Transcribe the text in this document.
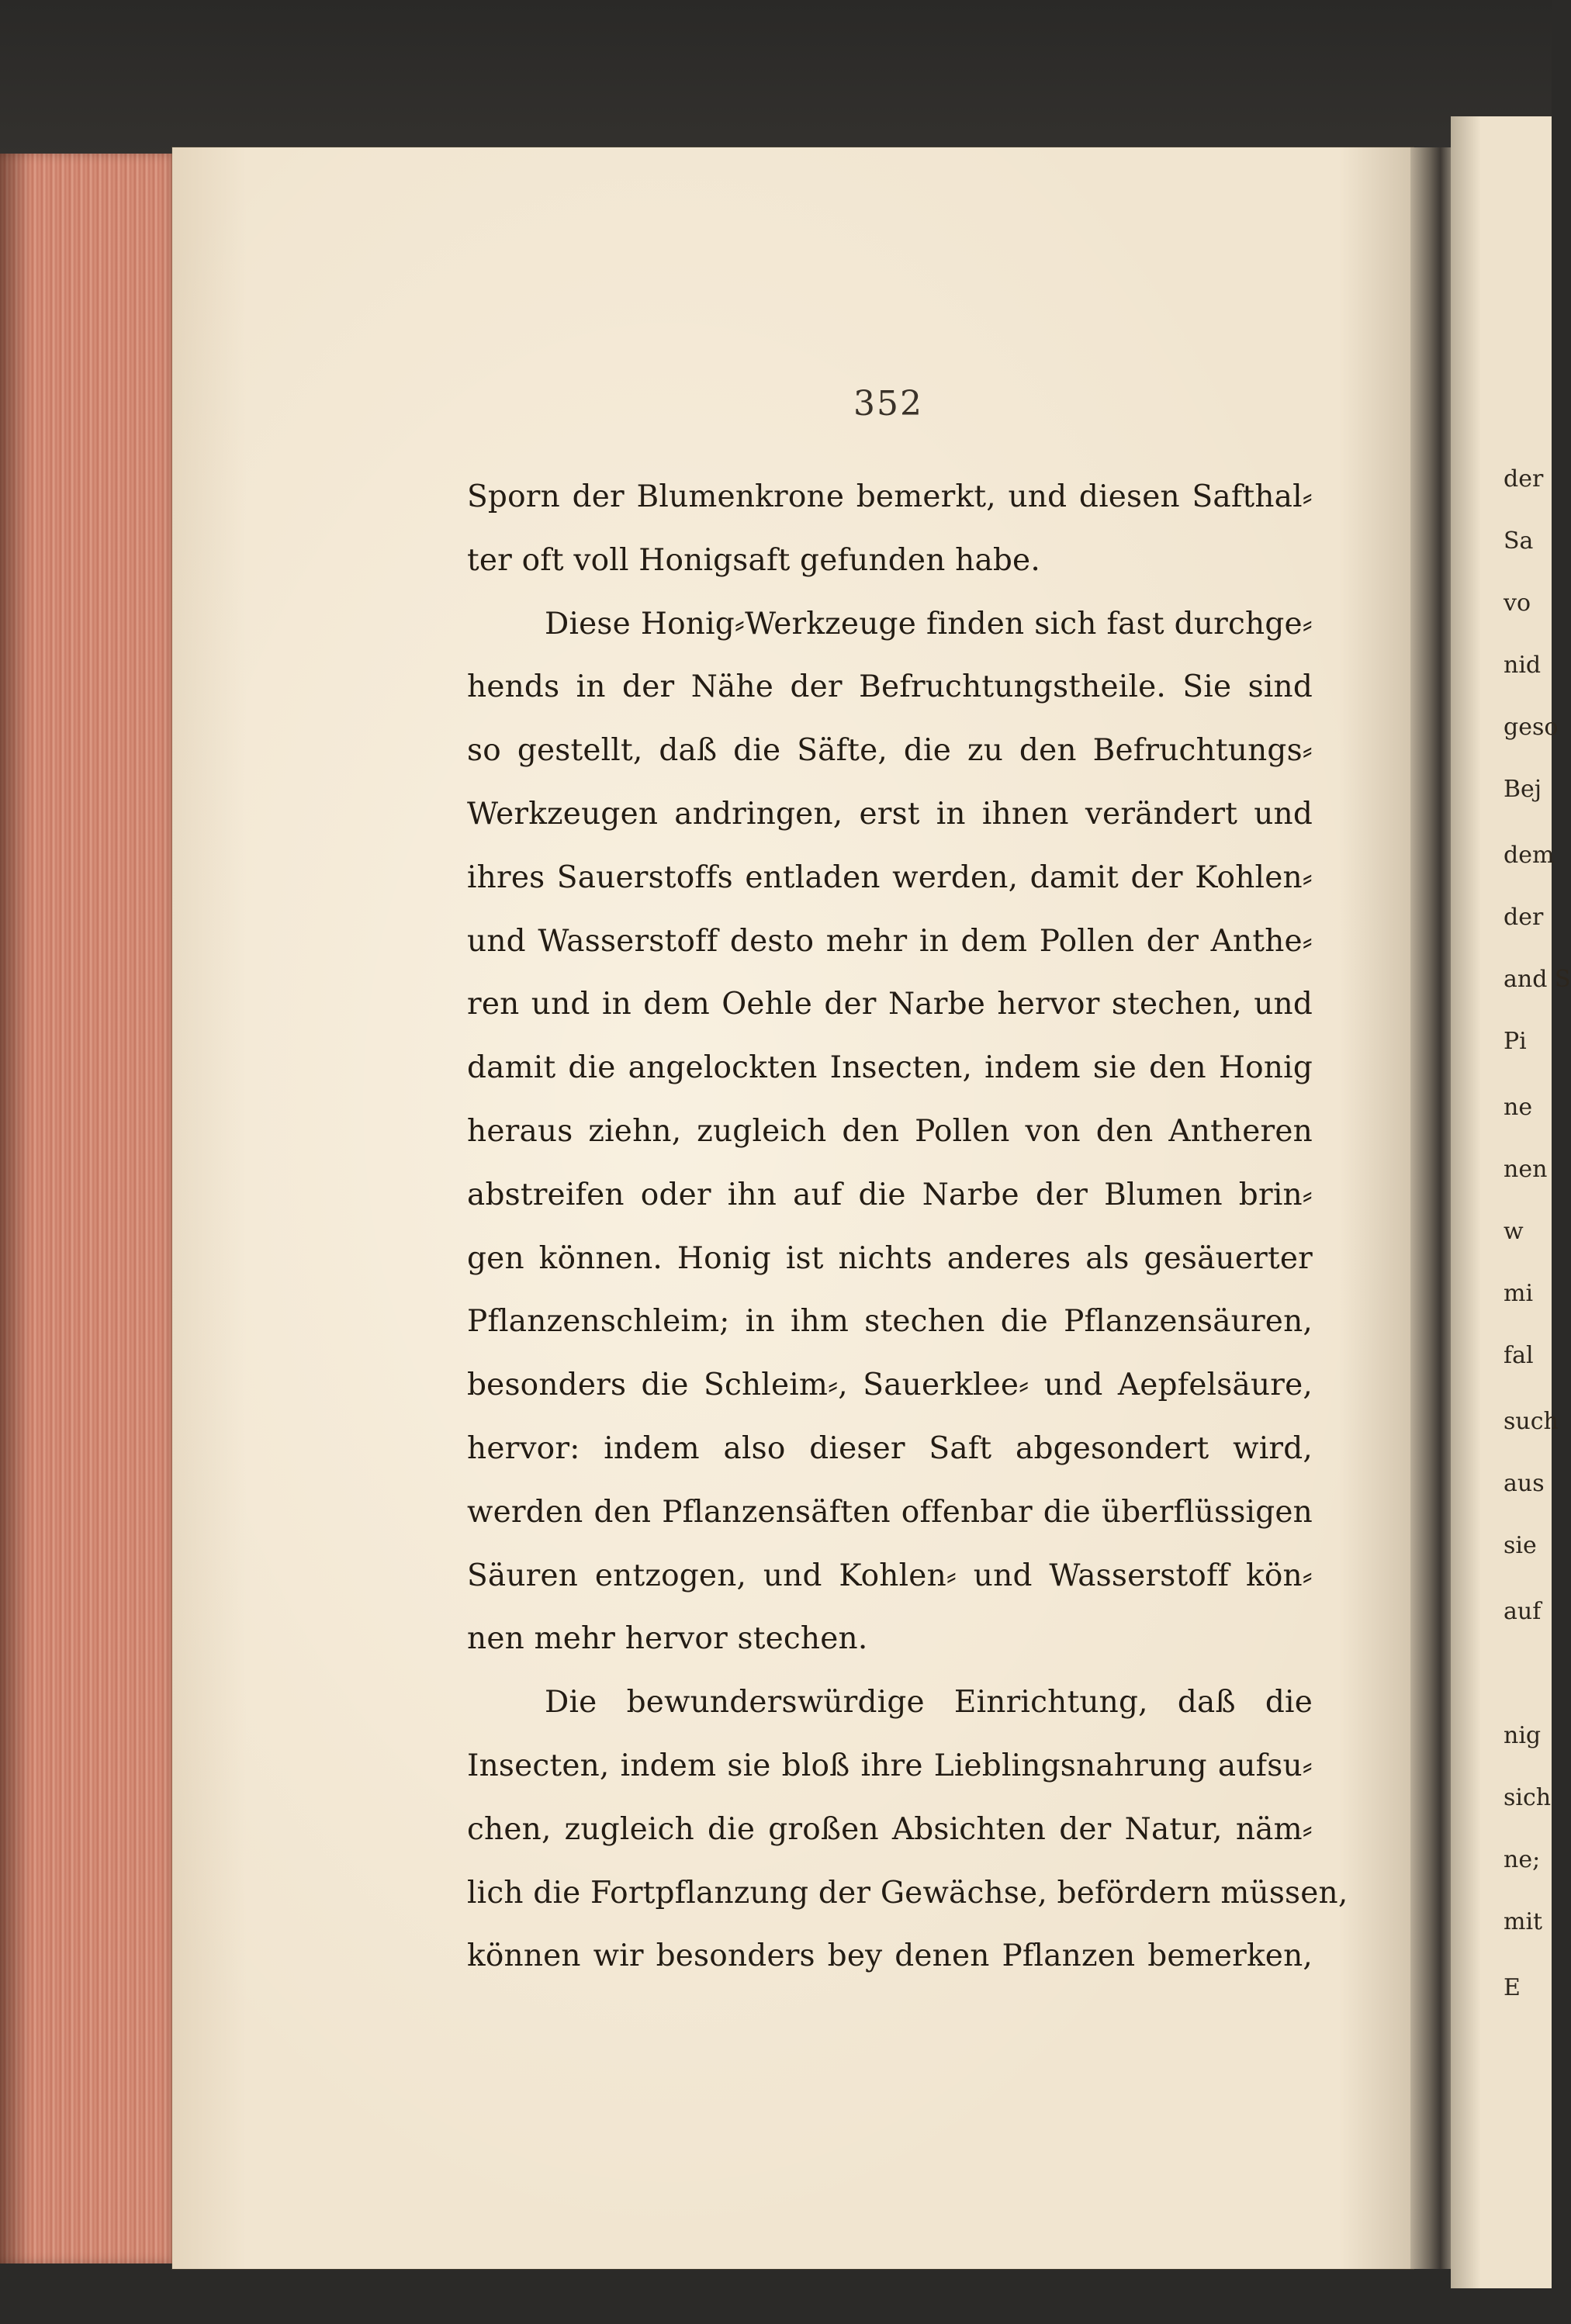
352
Sporn der Blumenkrone bemerkt, und diesen Safthal⸗
ter oft voll Honigsaft gefunden habe.
Diese Honig⸗Werkzeuge finden sich fast durchge⸗
hends in der Nähe der Befruchtungstheile. Sie sind
so gestellt, daß die Säfte, die zu den Befruchtungs⸗
Werkzeugen andringen, erst in ihnen verändert und
ihres Sauerstoffs entladen werden, damit der Kohlen⸗
und Wasserstoff desto mehr in dem Pollen der Anthe⸗
ren und in dem Oehle der Narbe hervor stechen, und
damit die angelockten Insecten, indem sie den Honig
heraus ziehn, zugleich den Pollen von den Antheren
abstreifen oder ihn auf die Narbe der Blumen brin⸗
gen können. Honig ist nichts anderes als gesäuerter
Pflanzenschleim; in ihm stechen die Pflanzensäuren,
besonders die Schleim⸗, Sauerklee⸗ und Aepfelsäure,
hervor: indem also dieser Saft abgesondert wird,
werden den Pflanzensäften offenbar die überflüssigen
Säuren entzogen, und Kohlen⸗ und Wasserstoff kön⸗
nen mehr hervor stechen.
Die bewunderswürdige Einrichtung, daß die
Insecten, indem sie bloß ihre Lieblingsnahrung aufsu⸗
chen, zugleich die großen Absichten der Natur, näm⸗
lich die Fortpflanzung der Gewächse, befördern müssen,
können wir besonders bey denen Pflanzen bemerken,
der
Sa
vo
nid
geso
Bej
dem
der
and S
Pi
ne
nen
w
mi
fal
such
aus
sie
auf
nig
sich
ne;
mit
E
